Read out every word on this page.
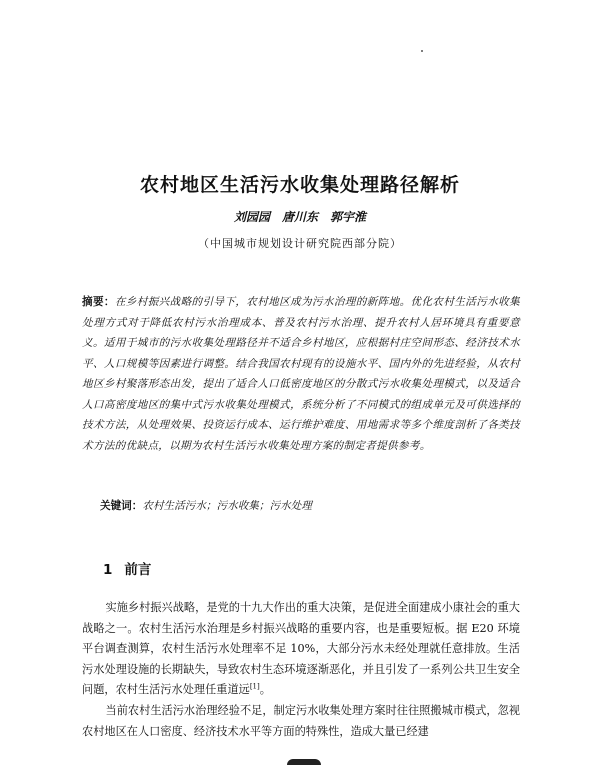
农村地区生活污水收集处理路径解析
刘园园　唐川东　郭宇淮
（中国城市规划设计研究院西部分院）
摘要：在乡村振兴战略的引导下，农村地区成为污水治理的新阵地。优化农村生活污水收集处理方式对于降低农村污水治理成本、普及农村污水治理、提升农村人居环境具有重要意义。适用于城市的污水收集处理路径并不适合乡村地区，应根据村庄空间形态、经济技术水平、人口规模等因素进行调整。结合我国农村现有的设施水平、国内外的先进经验，从农村地区乡村聚落形态出发，提出了适合人口低密度地区的分散式污水收集处理模式，以及适合人口高密度地区的集中式污水收集处理模式，系统分析了不同模式的组成单元及可供选择的技术方法，从处理效果、投资运行成本、运行维护难度、用地需求等多个维度剖析了各类技术方法的优缺点，以期为农村生活污水收集处理方案的制定者提供参考。
关键词：农村生活污水；污水收集；污水处理
1 前言

实施乡村振兴战略，是党的十九大作出的重大决策，是促进全面建成小康社会的重大战略之一。农村生活污水治理是乡村振兴战略的重要内容，也是重要短板。据 E20 环境平台调查测算，农村生活污水处理率不足 10%，大部分污水未经处理就任意排放。生活污水处理设施的长期缺失，导致农村生态环境逐渐恶化，并且引发了一系列公共卫生安全问题，农村生活污水处理任重道远[1]。

当前农村生活污水治理经验不足，制定污水收集处理方案时往往照搬城市模式，忽视农村地区在人口密度、经济技术水平等方面的特殊性，造成大量已经建
